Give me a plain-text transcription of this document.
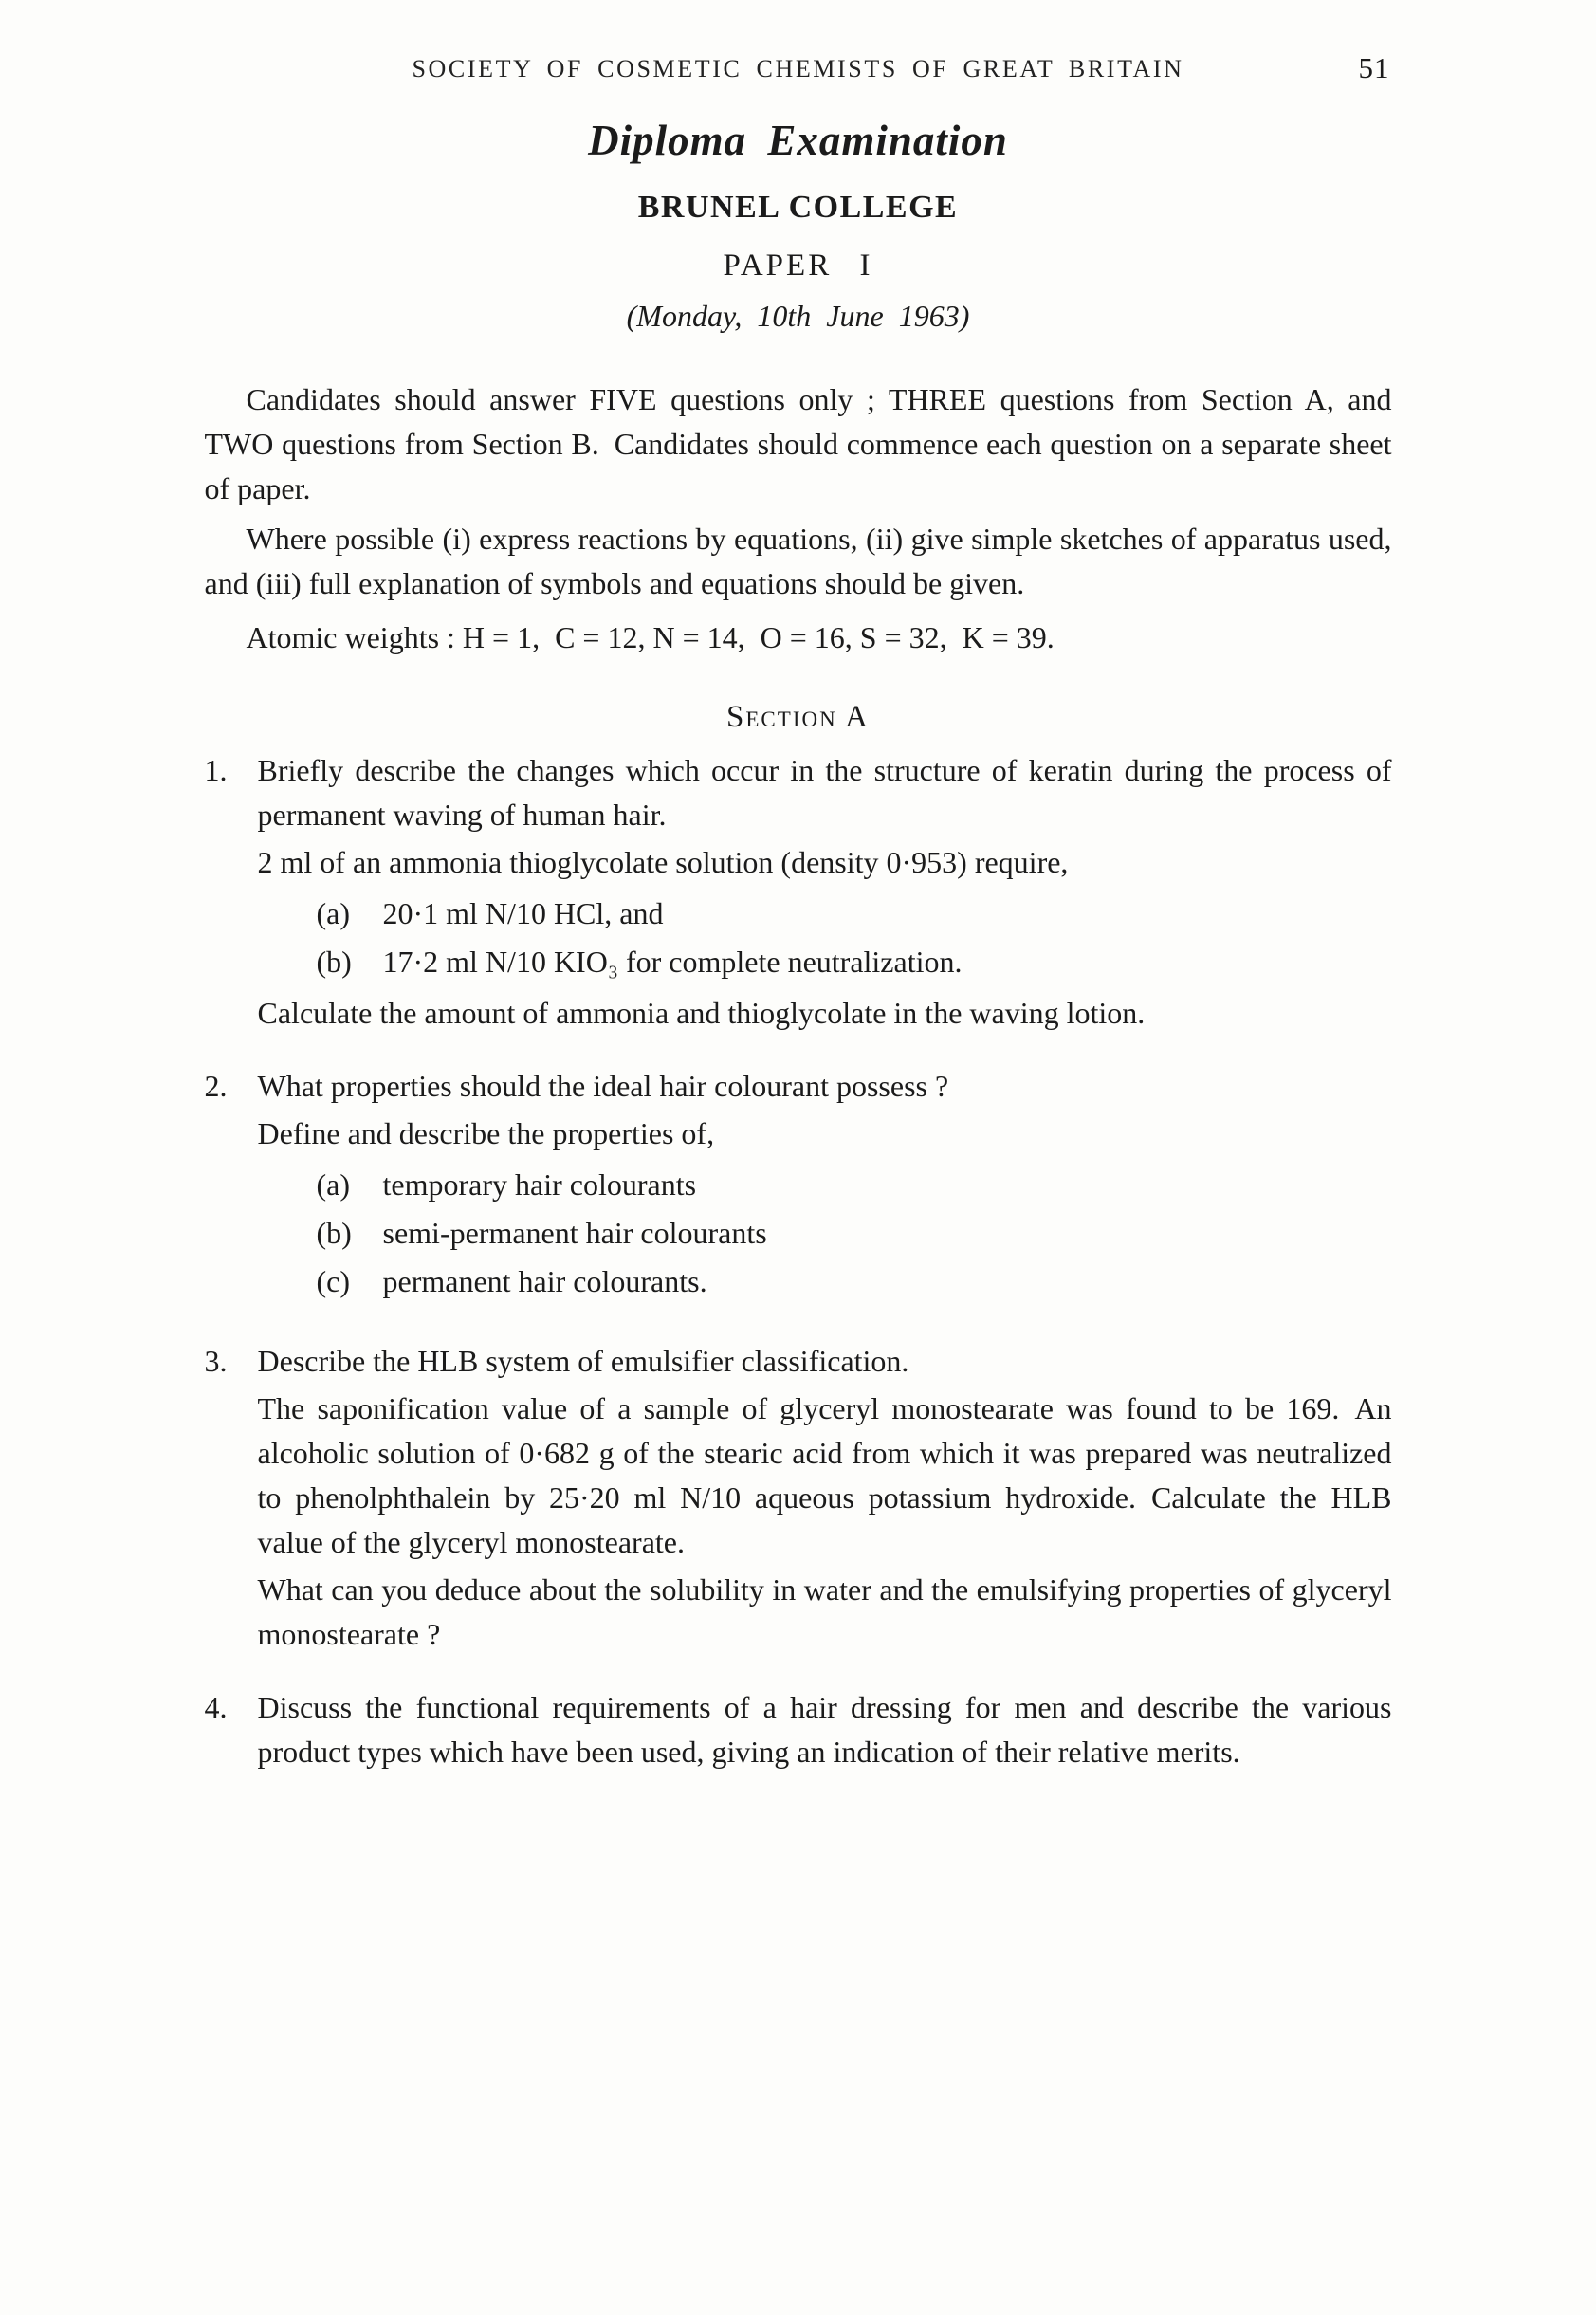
SOCIETY OF COSMETIC CHEMISTS OF GREAT BRITAIN	51
Diploma Examination
BRUNEL COLLEGE
PAPER I
(Monday, 10th June 1963)

Candidates should answer FIVE questions only ; THREE questions from Section A, and TWO questions from Section B. Candidates should commence each question on a separate sheet of paper.

Where possible (i) express reactions by equations, (ii) give simple sketches of apparatus used, and (iii) full explanation of symbols and equations should be given.

Atomic weights : H = 1, C = 12, N = 14, O = 16, S = 32, K = 39.

Section A
1.	Briefly describe the changes which occur in the structure of keratin during the process of permanent waving of human hair.

2 ml of an ammonia thioglycolate solution (density 0·953) require,

(a)	20·1 ml N/10 HCl, and
(b)	17·2 ml N/10 KIO₃ for complete neutralization.

Calculate the amount of ammonia and thioglycolate in the waving lotion.

2.	What properties should the ideal hair colourant possess ?

Define and describe the properties of,

(a)	temporary hair colourants
(b)	semi-permanent hair colourants
(c)	permanent hair colourants.
3.	Describe the HLB system of emulsifier classification.

The saponification value of a sample of glyceryl monostearate was found to be 169. An alcoholic solution of 0·682 g of the stearic acid from which it was prepared was neutralized to phenolphthalein by 25·20 ml N/10 aqueous potassium hydroxide. Calculate the HLB value of the glyceryl monostearate.

What can you deduce about the solubility in water and the emulsifying properties of glyceryl monostearate ?

4.	Discuss the functional requirements of a hair dressing for men and describe the various product types which have been used, giving an indication of their relative merits.
